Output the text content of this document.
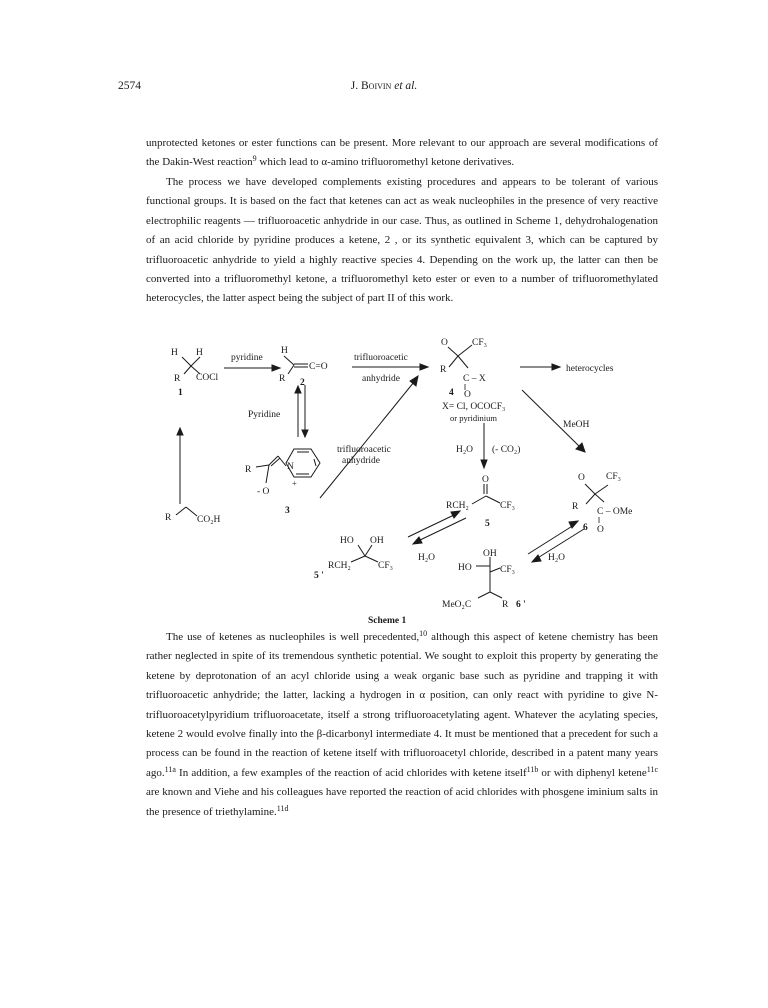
2574	J. Boivin et al.

unprotected ketones or ester functions can be present. More relevant to our approach are several modifications of the Dakin-West reaction$^9$ which lead to α-amino trifluoromethyl ketone derivatives.

The process we have developed complements existing procedures and appears to be tolerant of various functional groups. It is based on the fact that ketenes can act as weak nucleophiles in the presence of very reactive electrophilic reagents — trifluoroacetic anhydride in our case. Thus, as outlined in Scheme 1, dehydrohalogenation of an acid chloride by pyridine produces a ketene, 2 , or its synthetic equivalent 3, which can be captured by trifluoroacetic anhydride to yield a highly reactive species 4. Depending on the work up, the latter can then be converted into a trifluoromethyl ketone, a trifluoromethyl keto ester or even to a number of trifluoromethylated heterocycles, the latter aspect being the subject of part II of this work.

H H
R COCl
1
pyridine
H
R
C=O
2
trifluoroacetic
anhydride
O	CF₃
R
C – X
‖
4 O
X= Cl, OCOCF₃
or pyridinium
heterocycles
Pyridine
R	N
+
- O
3
trifluoroacetic
anhydride
H₂O (- CO₂)
MeOH
O
RCH₂	CF₃
5
O CF₃
R C – OMe
‖
O
6
R	CO₂H
HO OH
RCH₂	CF₃
5 '
H₂O	OH
HO	CF₃
MeO₂C	R 6 '
H₂O
Scheme 1

The use of ketenes as nucleophiles is well precedented,$^{10}$ although this aspect of ketene chemistry has been rather neglected in spite of its tremendous synthetic potential. We sought to exploit this property by generating the ketene by deprotonation of an acyl chloride using a weak organic base such as pyridine and trapping it with trifluoroacetic anhydride; the latter, lacking a hydrogen in α position, can only react with pyridine to give N-trifluoroacetylpyridium trifluoroacetate, itself a strong trifluoroacetylating agent. Whatever the acylating species, ketene 2 would evolve finally into the β-dicarbonyl intermediate 4. It must be mentioned that a precedent for such a process can be found in the reaction of ketene itself with trifluoroacetyl chloride, described in a patent many years ago.$^{11a}$ In addition, a few examples of the reaction of acid chlorides with ketene itself$^{11b}$ or with diphenyl ketene$^{11c}$ are known and Viehe and his colleagues have reported the reaction of acid chlorides with phosgene iminium salts in the presence of triethylamine.$^{11d}$
